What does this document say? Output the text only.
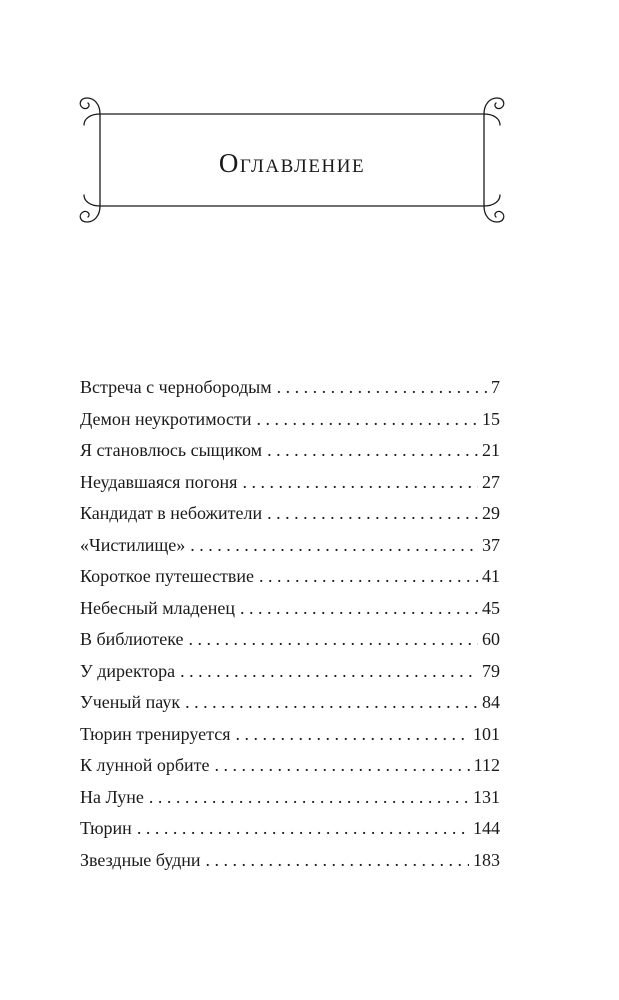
Оглавление
Встреча с чернобородым . . .	7
Демон неукротимости . . .	15
Я становлюсь сыщиком . . .	21
Неудавшаяся погоня . . .	27
Кандидат в небожители . . .	29
«Чистилище» . . .	37
Короткое путешествие . . .	41
Небесный младенец . . .	45
В библиотеке . . .	60
У директора . . .	79
Ученый паук . . .	84
Тюрин тренируется . . .	101
К лунной орбите . . .	112
На Луне . . .	131
Тюрин . . .	144
Звездные будни . . .	183
